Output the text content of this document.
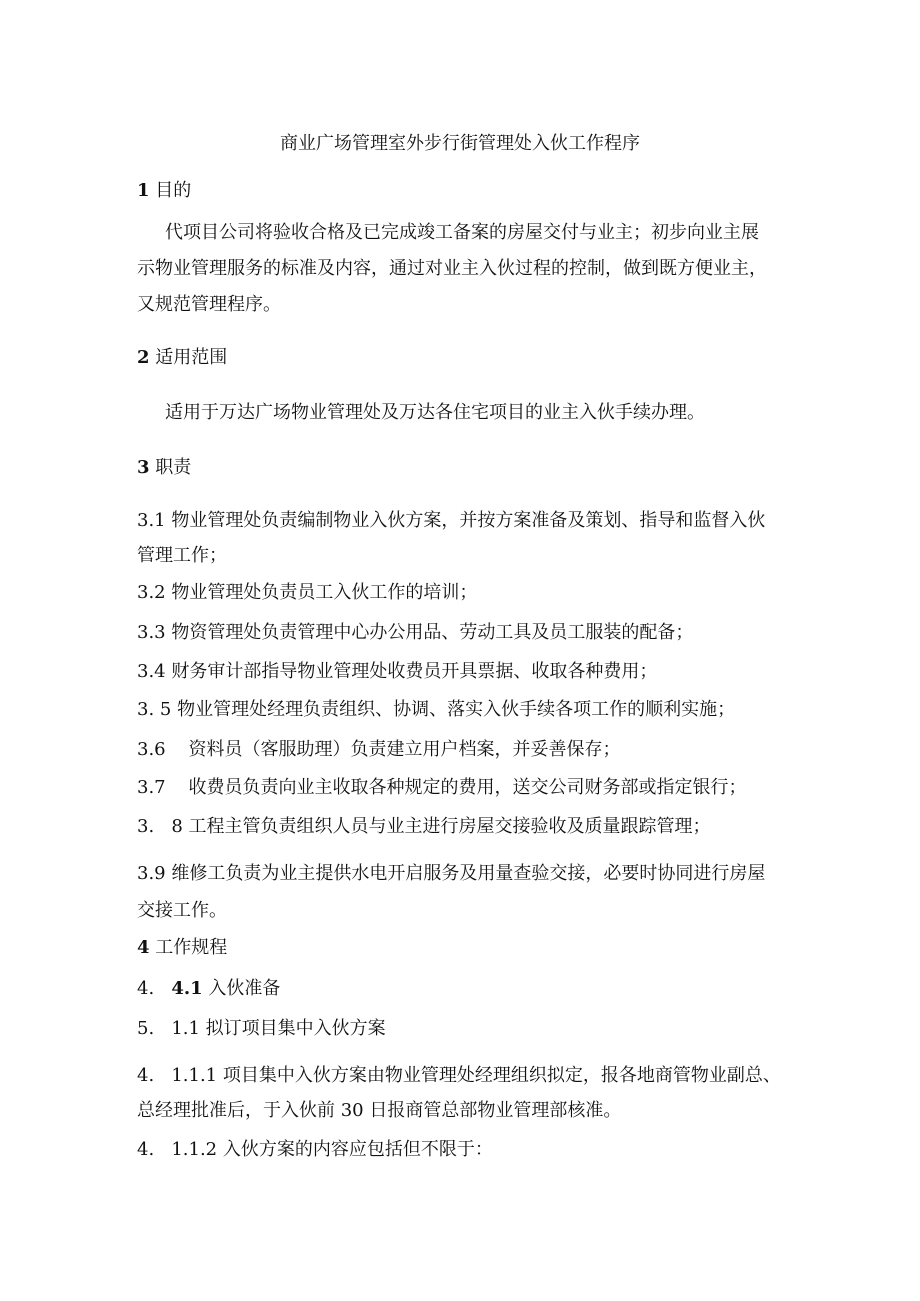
商业广场管理室外步行街管理处入伙工作程序
1 目的
代项目公司将验收合格及已完成竣工备案的房屋交付与业主；初步向业主展
示物业管理服务的标准及内容，通过对业主入伙过程的控制，做到既方便业主，
又规范管理程序。
2 适用范围
适用于万达广场物业管理处及万达各住宅项目的业主入伙手续办理。
3 职责
3.1 物业管理处负责编制物业入伙方案，并按方案准备及策划、指导和监督入伙
管理工作；
3.2 物业管理处负责员工入伙工作的培训；
3.3 物资管理处负责管理中心办公用品、劳动工具及员工服装的配备；
3.4 财务审计部指导物业管理处收费员开具票据、收取各种费用；
3. 5 物业管理处经理负责组织、协调、落实入伙手续各项工作的顺利实施；
3.6    资料员（客服助理）负责建立用户档案，并妥善保存；
3.7    收费员负责向业主收取各种规定的费用，送交公司财务部或指定银行；
3.   8 工程主管负责组织人员与业主进行房屋交接验收及质量跟踪管理；
3.9 维修工负责为业主提供水电开启服务及用量查验交接，必要时协同进行房屋
交接工作。
4 工作规程
4.   4.1 入伙准备
5.   1.1 拟订项目集中入伙方案
4.   1.1.1 项目集中入伙方案由物业管理处经理组织拟定，报各地商管物业副总、
总经理批准后，于入伙前 30 日报商管总部物业管理部核准。
4.   1.1.2 入伙方案的内容应包括但不限于：
